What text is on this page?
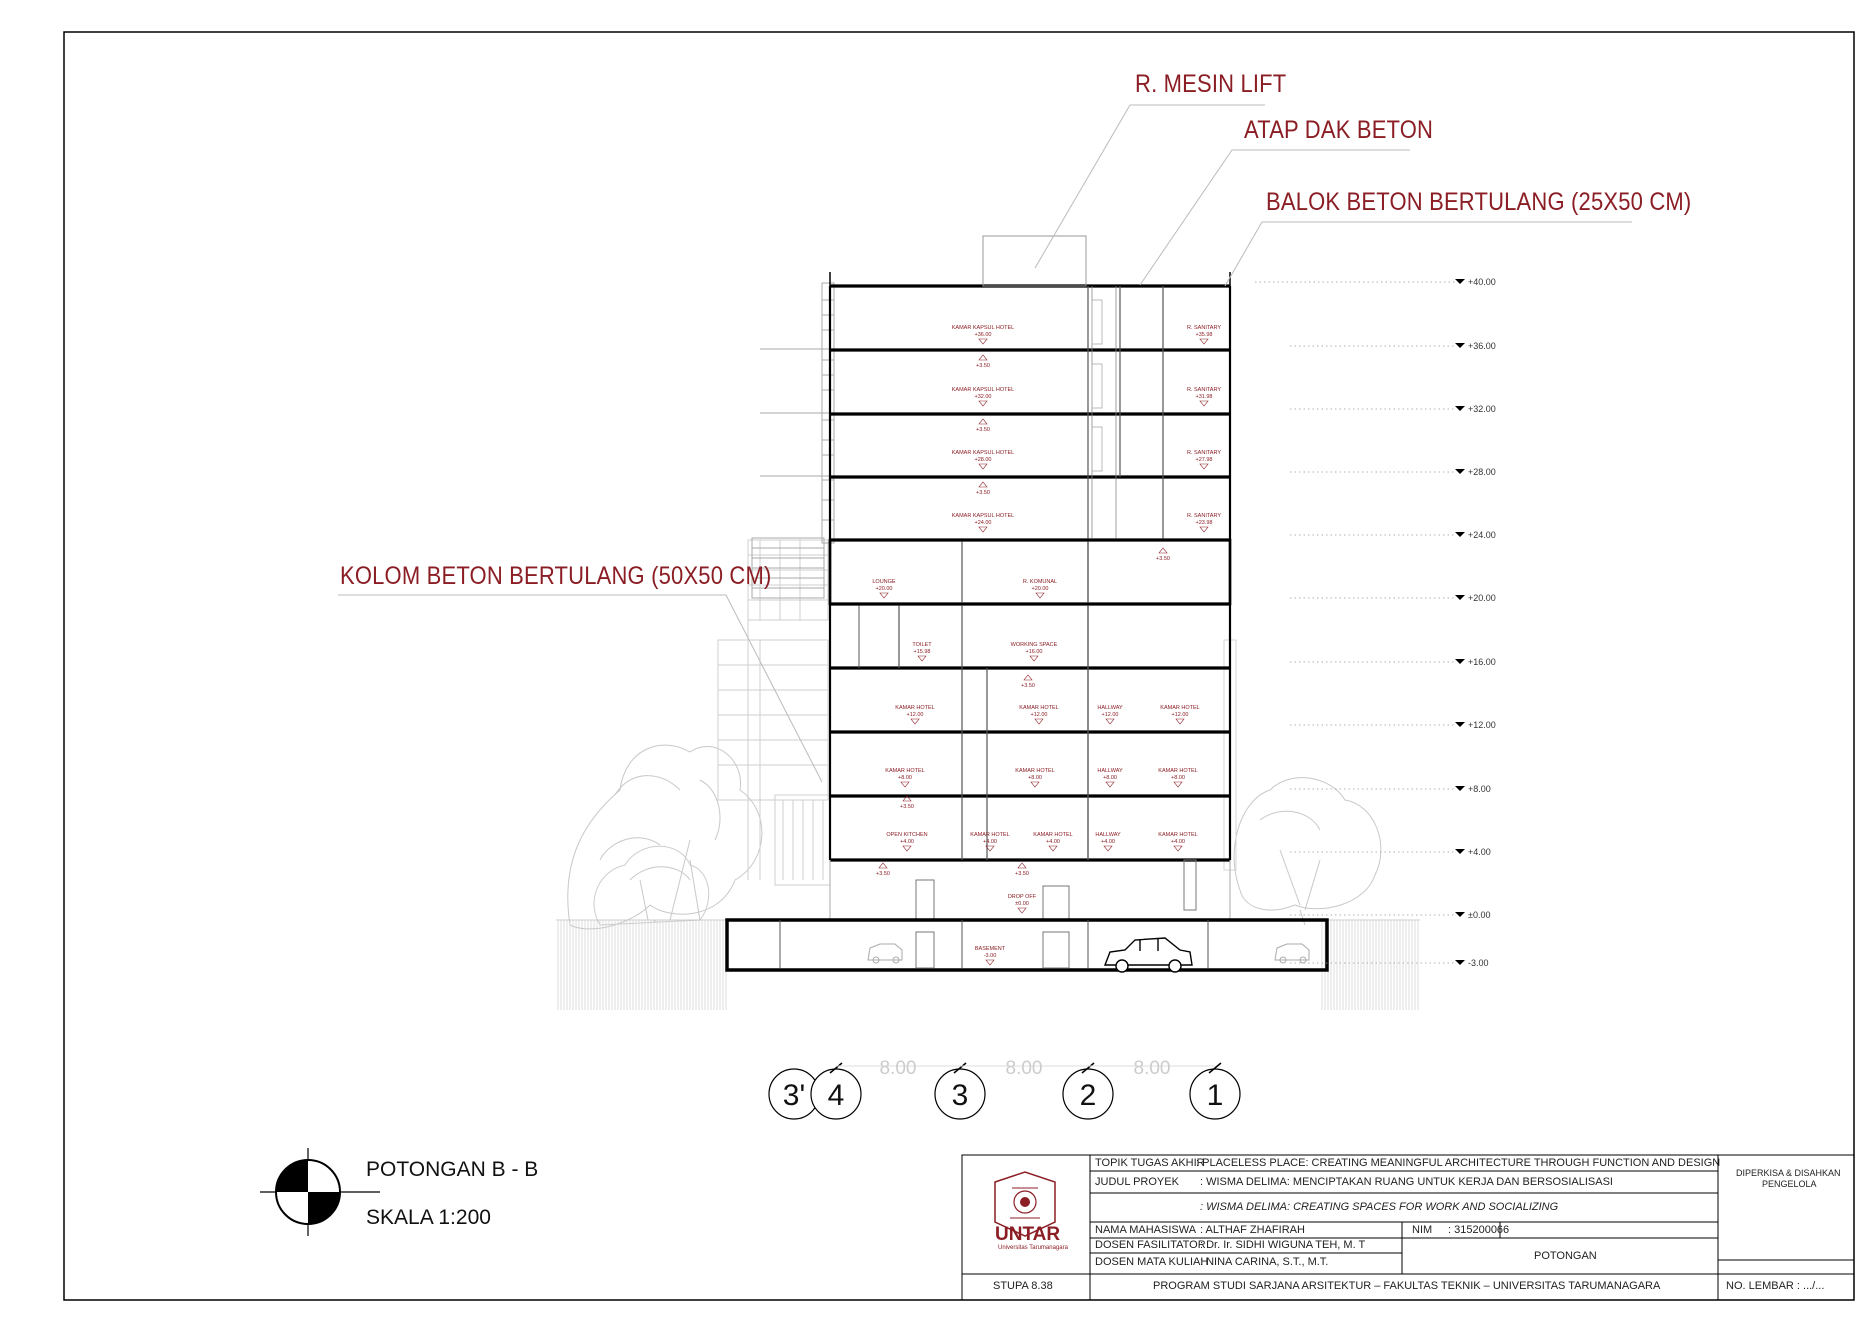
KAMAR KAPSUL HOTEL
+36.00
R. SANITARY
+35.98
KAMAR KAPSUL HOTEL
+32.00
R. SANITARY
+31.98
KAMAR KAPSUL HOTEL
+28.00
R. SANITARY
+27.98
KAMAR KAPSUL HOTEL
+24.00
R. SANITARY
+23.98
LOUNGE
+20.00
R. KOMUNAL
+20.00
TOILET
+15.98
WORKING SPACE
+16.00
KAMAR HOTEL
+12.00
KAMAR HOTEL
+12.00
HALLWAY
+12.00
KAMAR HOTEL
+12.00
KAMAR HOTEL
+8.00
KAMAR HOTEL
+8.00
HALLWAY
+8.00
KAMAR HOTEL
+8.00
OPEN KITCHEN
+4.00
KAMAR HOTEL
+4.00
KAMAR HOTEL
+4.00
HALLWAY
+4.00
KAMAR HOTEL
+4.00
DROP OFF
±0.00
BASEMENT
-3.00
+3.50
+3.50
+3.50
+3.50
+3.50
+3.50
+3.50	+3.50
+40.00
+36.00
+32.00
+28.00
+24.00
+20.00
+16.00
+12.00
+8.00
+4.00
±0.00
-3.00
3' 4	3	2	1
8.00	8.00	8.00
R. MESIN LIFT
ATAP DAK BETON
BALOK BETON BERTULANG (25X50 CM)
KOLOM BETON BERTULANG (50X50 CM)
POTONGAN B - B
SKALA 1:200
TOPIK TUGAS AKHIR
: PLACELESS PLACE: CREATING MEANINGFUL ARCHITECTURE THROUGH FUNCTION AND DESIGN
JUDUL PROYEK : WISMA DELIMA: MENCIPTAKAN RUANG UNTUK KERJA DAN BERSOSIALISASI
: WISMA DELIMA: CREATING SPACES FOR WORK AND SOCIALIZING
NAMA MAHASISWA : ALTHAF ZHAFIRAH	NIM : 315200066
DOSEN FASILITATOR
: Dr. Ir. SIDHI WIGUNA TEH, M. T
DOSEN MATA KULIAH
: NINA CARINA, S.T., M.T.	POTONGAN
DIPERKISA & DISAHKAN
PENGELOLA
STUPA 8.38	PROGRAM STUDI SARJANA ARSITEKTUR – FAKULTAS TEKNIK – UNIVERSITAS TARUMANAGARA	NO. LEMBAR : .../...
UNTAR
Universitas Tarumanagara
